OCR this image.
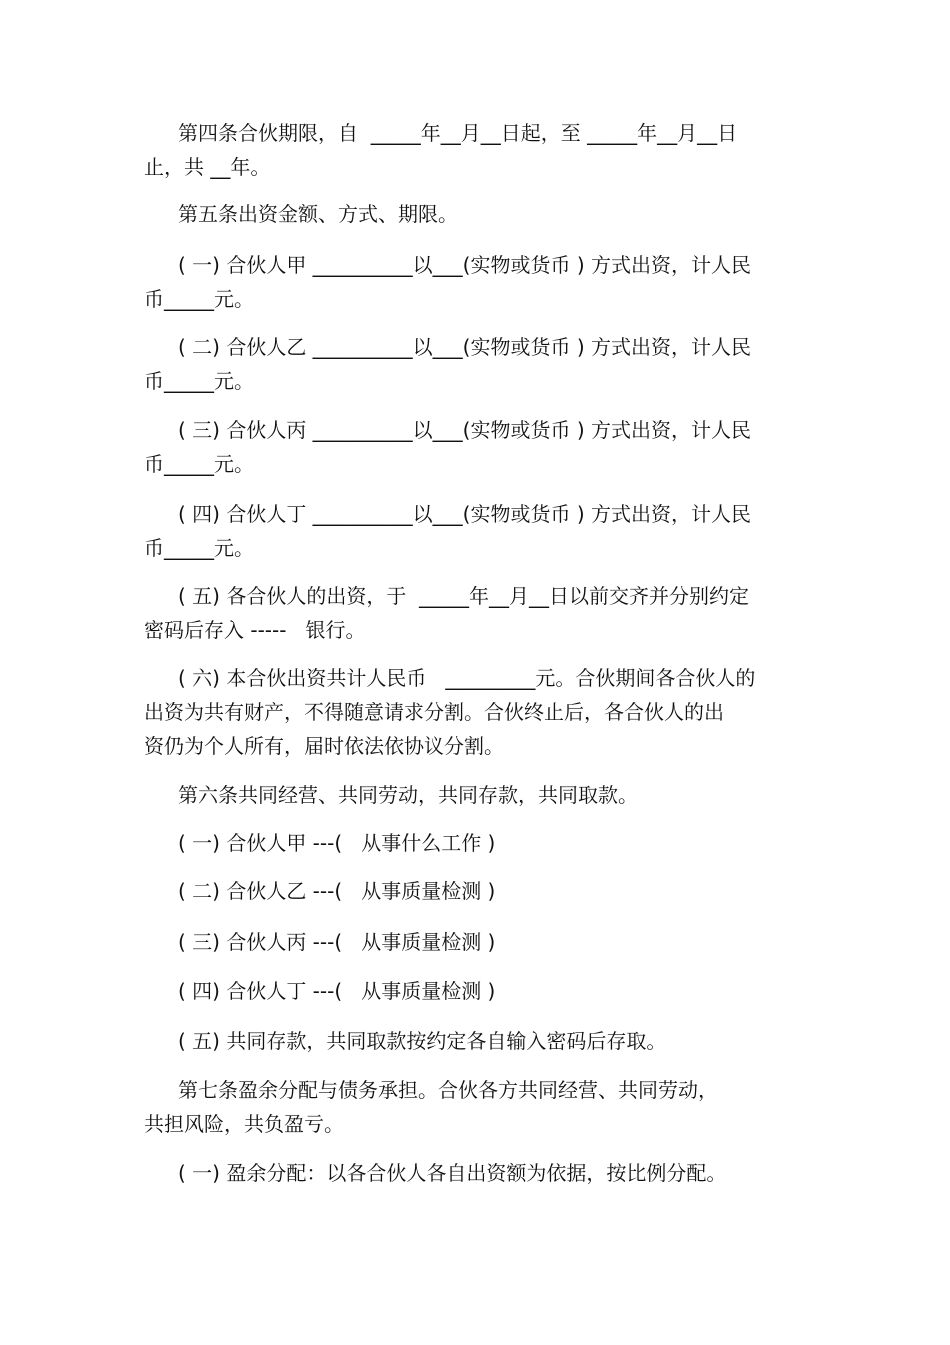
第四条合伙期限，自  _____年__月__日起，至 _____年__月__日
止，共 __年。

第五条出资金额、方式、期限。

( 一) 合伙人甲 __________以___(实物或货币 ) 方式出资，计人民
币_____元。

( 二) 合伙人乙 __________以___(实物或货币 ) 方式出资，计人民
币_____元。

( 三) 合伙人丙 __________以___(实物或货币 ) 方式出资，计人民
币_____元。

( 四) 合伙人丁 __________以___(实物或货币 ) 方式出资，计人民
币_____元。

( 五) 各合伙人的出资，于  _____年__月__日以前交齐并分别约定
密码后存入 -----   银行。

( 六) 本合伙出资共计人民币   _________元。合伙期间各合伙人的
出资为共有财产，不得随意请求分割。合伙终止后，各合伙人的出
资仍为个人所有，届时依法依协议分割。

第六条共同经营、共同劳动，共同存款，共同取款。

( 一) 合伙人甲 ---(   从事什么工作 )

( 二) 合伙人乙 ---(   从事质量检测 )

( 三) 合伙人丙 ---(   从事质量检测 )

( 四) 合伙人丁 ---(   从事质量检测 )

( 五) 共同存款，共同取款按约定各自输入密码后存取。

第七条盈余分配与债务承担。合伙各方共同经营、共同劳动，
共担风险，共负盈亏。

( 一) 盈余分配：以各合伙人各自出资额为依据，按比例分配。
